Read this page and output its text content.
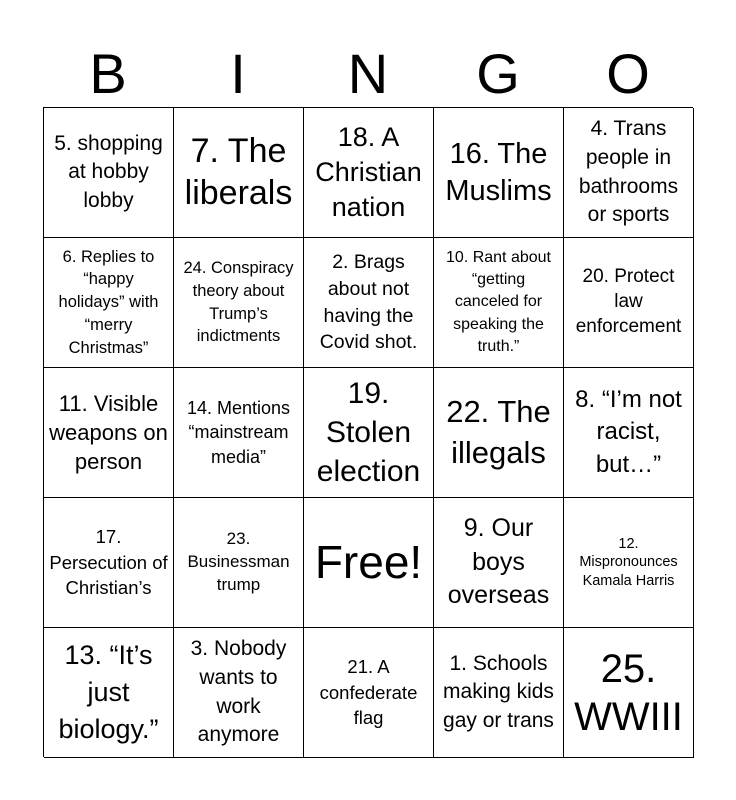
B	I	N	G	O
5. shopping at hobby lobby
7. The liberals
18. A Christian nation
16. The Muslims
4. Trans people in bathrooms or sports
6. Replies to “happy holidays” with “merry Christmas”
24. Conspiracy theory about Trump’s indictments
2. Brags about not having the Covid shot.
10. Rant about “getting canceled for speaking the truth.”
20. Protect law enforcement
11. Visible weapons on person
14. Mentions “mainstream media”
19. Stolen election
22. The illegals
8. “I’m not racist, but…”
17. Persecution of Christian’s
23. Businessman trump	Free!
9. Our boys overseas
12. Mispronounces Kamala Harris
13. “It’s just biology.”
3. Nobody wants to work anymore
21. A confederate flag
1. Schools making kids gay or trans
25. WWIII
